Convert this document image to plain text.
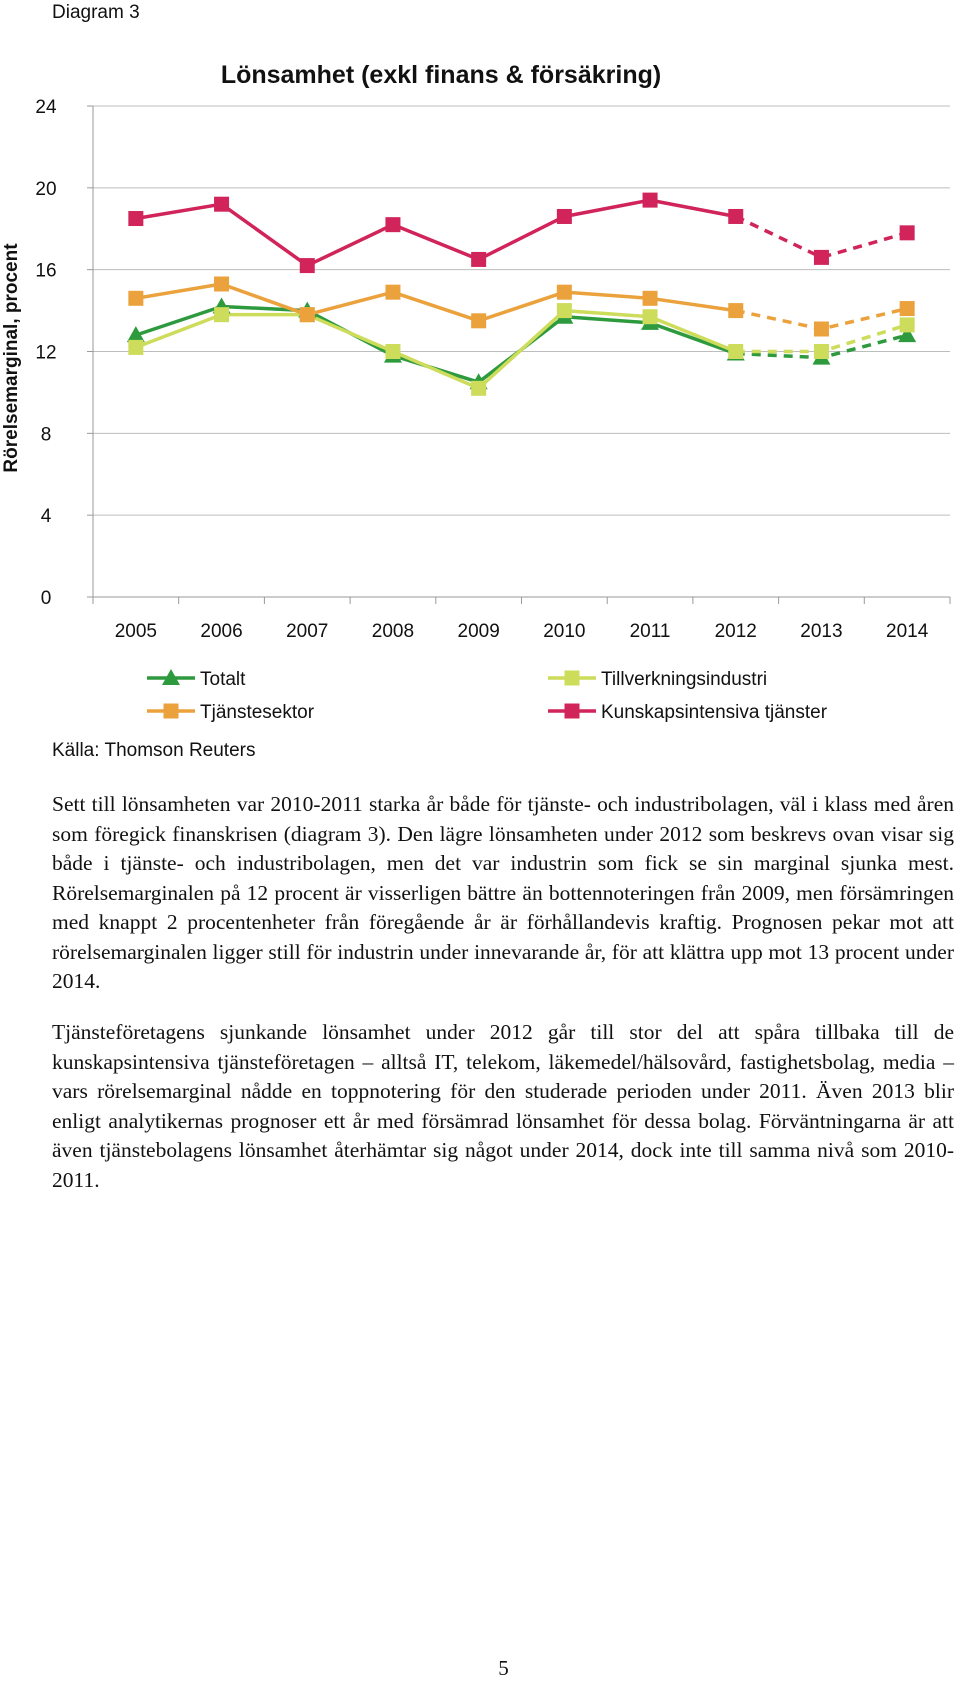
Diagram 3
Lönsamhet (exkl finans & försäkring)
Rörelsemarginal, procent
0
4
8
12
16
20
24
2005 2006 2007 2008 2009 2010 2011 2012 2013 2014
Totalt	Tillverkningsindustri
Tjänstesektor	Kunskapsintensiva tjänster
Källa: Thomson Reuters

Sett till lönsamheten var 2010-2011 starka år både för tjänste- och industribolagen, väl i klass med åren som föregick finanskrisen (diagram 3). Den lägre lönsamheten under 2012 som beskrevs ovan visar sig både i tjänste- och industribolagen, men det var industrin som fick se sin marginal sjunka mest. Rörelsemarginalen på 12 procent är visserligen bättre än bottennoteringen från 2009, men försämringen med knappt 2 procentenheter från föregående år är förhållandevis kraftig. Prognosen pekar mot att rörelsemarginalen ligger still för industrin under innevarande år, för att klättra upp mot 13 procent under 2014.

Tjänsteföretagens sjunkande lönsamhet under 2012 går till stor del att spåra tillbaka till de kunskapsintensiva tjänsteföretagen – alltså IT, telekom, läkemedel/hälsovård, fastighetsbolag, media – vars rörelsemarginal nådde en toppnotering för den studerade perioden under 2011. Även 2013 blir enligt analytikernas prognoser ett år med försämrad lönsamhet för dessa bolag. Förväntningarna är att även tjänstebolagens lönsamhet återhämtar sig något under 2014, dock inte till samma nivå som 2010-2011.

5
